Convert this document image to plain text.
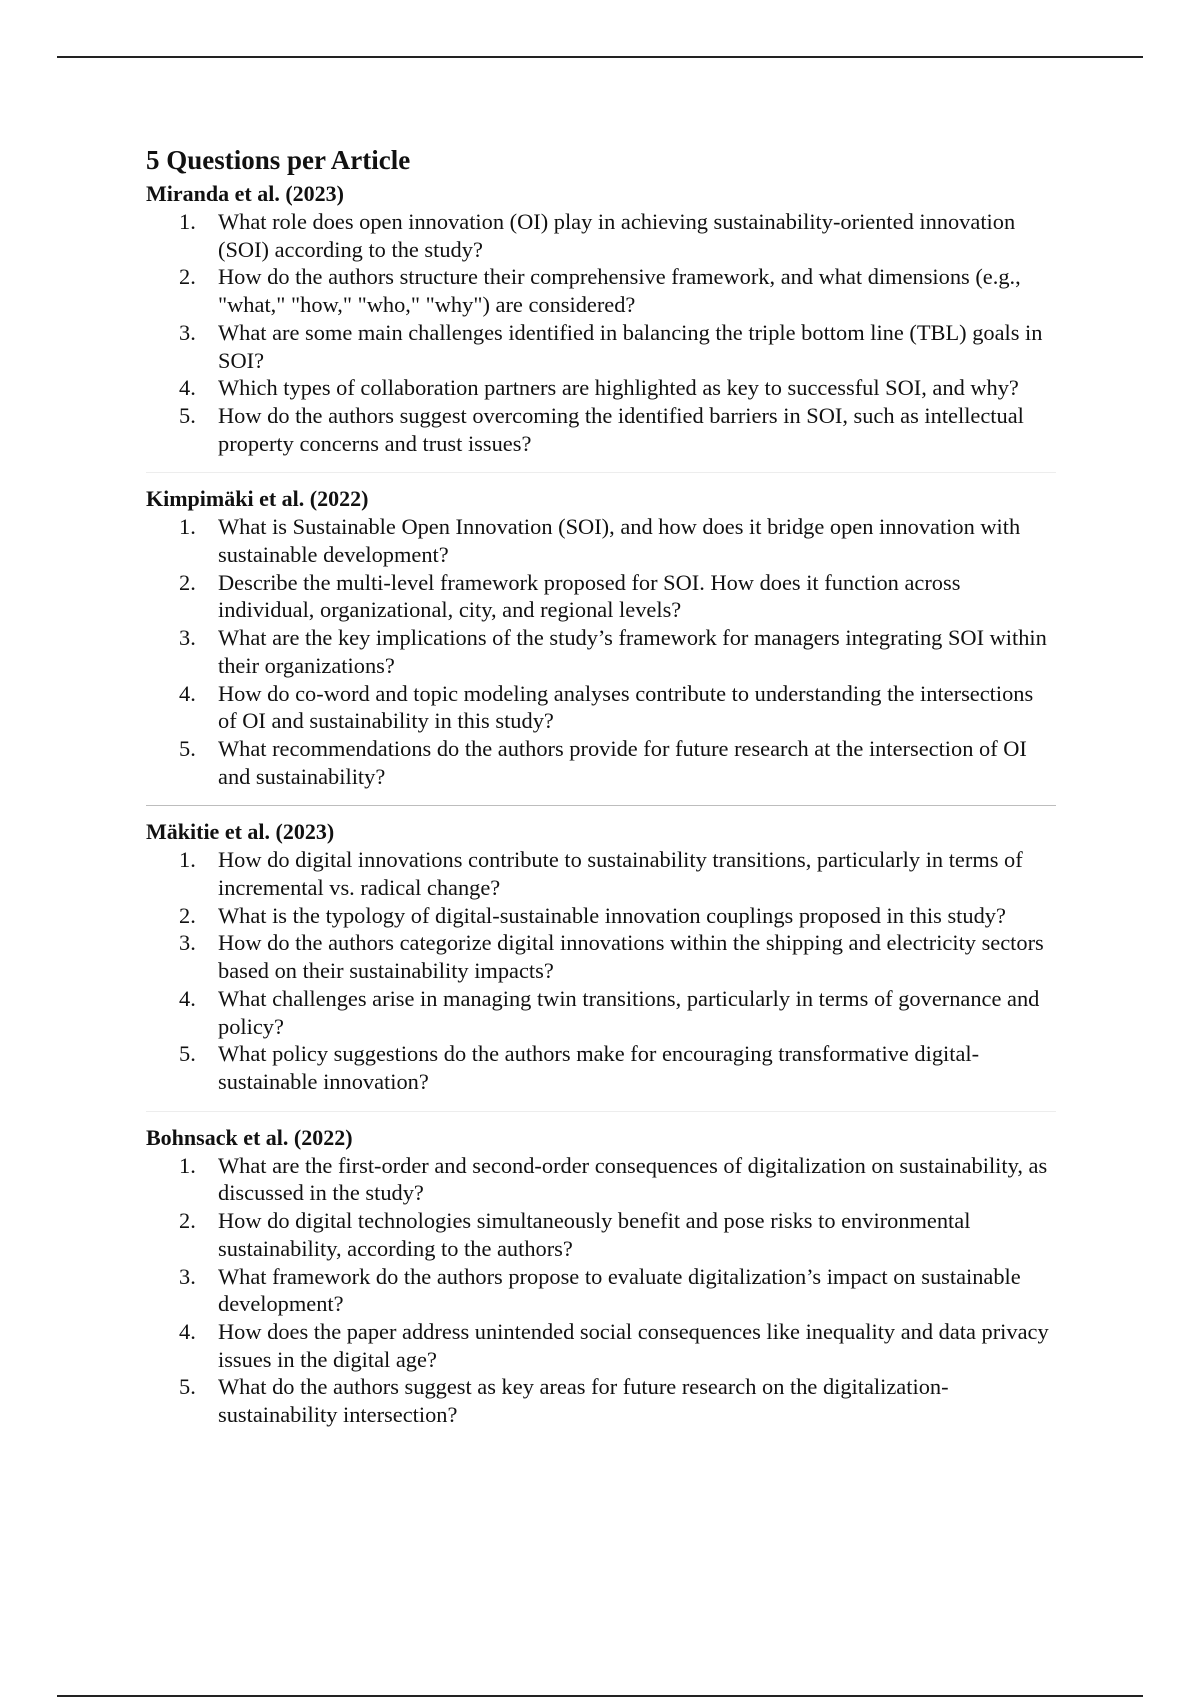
5 Questions per Article
Miranda et al. (2023)
1. What role does open innovation (OI) play in achieving sustainability-oriented innovation (SOI) according to the study?
2. How do the authors structure their comprehensive framework, and what dimensions (e.g., "what," "how," "who," "why") are considered?
3. What are some main challenges identified in balancing the triple bottom line (TBL) goals in SOI?
4. Which types of collaboration partners are highlighted as key to successful SOI, and why?
5. How do the authors suggest overcoming the identified barriers in SOI, such as intellectual property concerns and trust issues?
Kimpimäki et al. (2022)
1. What is Sustainable Open Innovation (SOI), and how does it bridge open innovation with sustainable development?
2. Describe the multi-level framework proposed for SOI. How does it function across individual, organizational, city, and regional levels?
3. What are the key implications of the study’s framework for managers integrating SOI within their organizations?
4. How do co-word and topic modeling analyses contribute to understanding the intersections of OI and sustainability in this study?
5. What recommendations do the authors provide for future research at the intersection of OI and sustainability?
Mäkitie et al. (2023)
1. How do digital innovations contribute to sustainability transitions, particularly in terms of incremental vs. radical change?
2. What is the typology of digital-sustainable innovation couplings proposed in this study?
3. How do the authors categorize digital innovations within the shipping and electricity sectors based on their sustainability impacts?
4. What challenges arise in managing twin transitions, particularly in terms of governance and policy?
5. What policy suggestions do the authors make for encouraging transformative digital-sustainable innovation?
Bohnsack et al. (2022)
1. What are the first-order and second-order consequences of digitalization on sustainability, as discussed in the study?
2. How do digital technologies simultaneously benefit and pose risks to environmental sustainability, according to the authors?
3. What framework do the authors propose to evaluate digitalization’s impact on sustainable development?
4. How does the paper address unintended social consequences like inequality and data privacy issues in the digital age?
5. What do the authors suggest as key areas for future research on the digitalization-sustainability intersection?
